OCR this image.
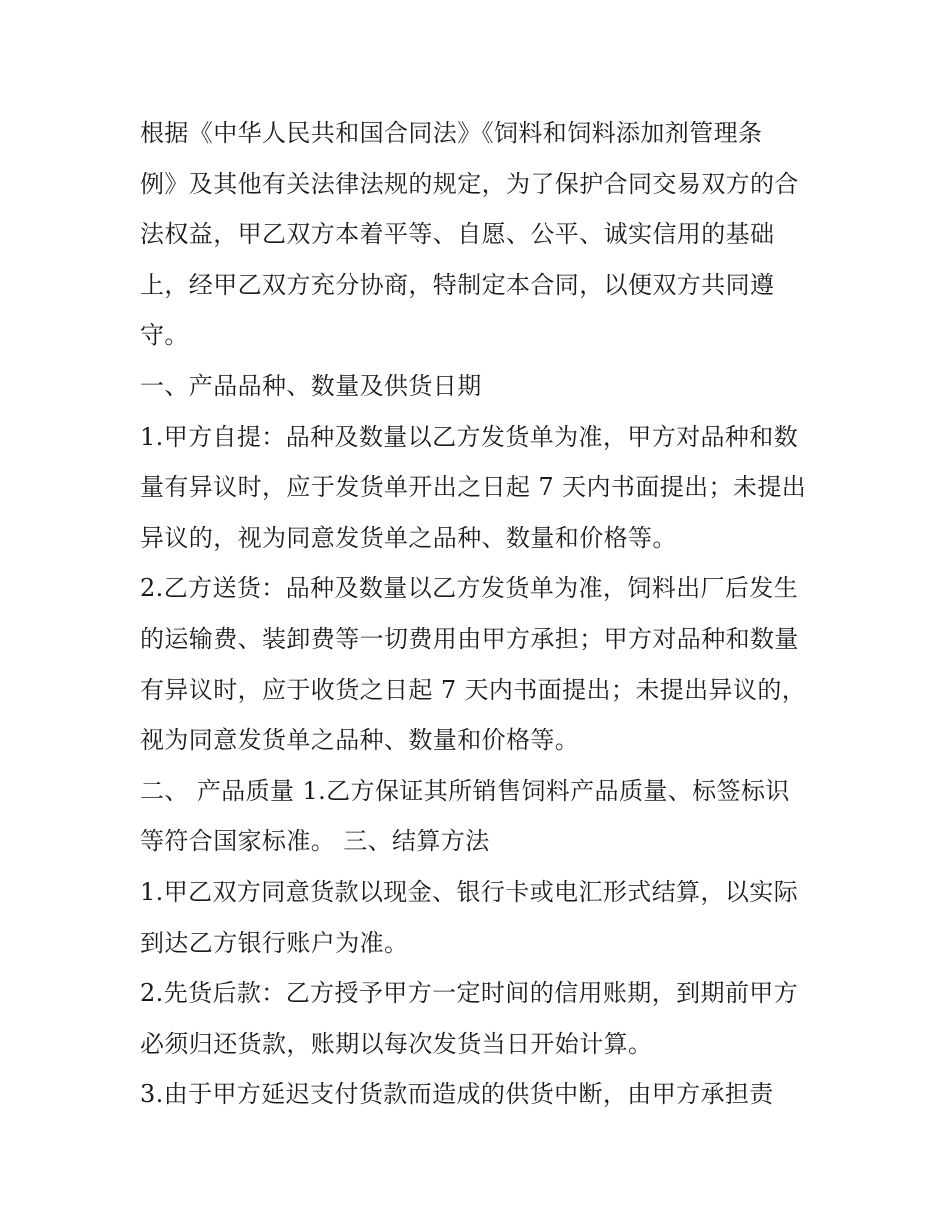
根据《中华人民共和国合同法》《饲料和饲料添加剂管理条
例》及其他有关法律法规的规定，为了保护合同交易双方的合
法权益，甲乙双方本着平等、自愿、公平、诚实信用的基础
上，经甲乙双方充分协商，特制定本合同，以便双方共同遵
守。
一、产品品种、数量及供货日期
1.甲方自提：品种及数量以乙方发货单为准，甲方对品种和数
量有异议时，应于发货单开出之日起 7 天内书面提出；未提出
异议的，视为同意发货单之品种、数量和价格等。
2.乙方送货：品种及数量以乙方发货单为准，饲料出厂后发生
的运输费、装卸费等一切费用由甲方承担；甲方对品种和数量
有异议时，应于收货之日起 7 天内书面提出；未提出异议的，
视为同意发货单之品种、数量和价格等。
二、 产品质量 1.乙方保证其所销售饲料产品质量、标签标识
等符合国家标准。 三、结算方法
1.甲乙双方同意货款以现金、银行卡或电汇形式结算，以实际
到达乙方银行账户为准。
2.先货后款：乙方授予甲方一定时间的信用账期，到期前甲方
必须归还货款，账期以每次发货当日开始计算。
3.由于甲方延迟支付货款而造成的供货中断，由甲方承担责
